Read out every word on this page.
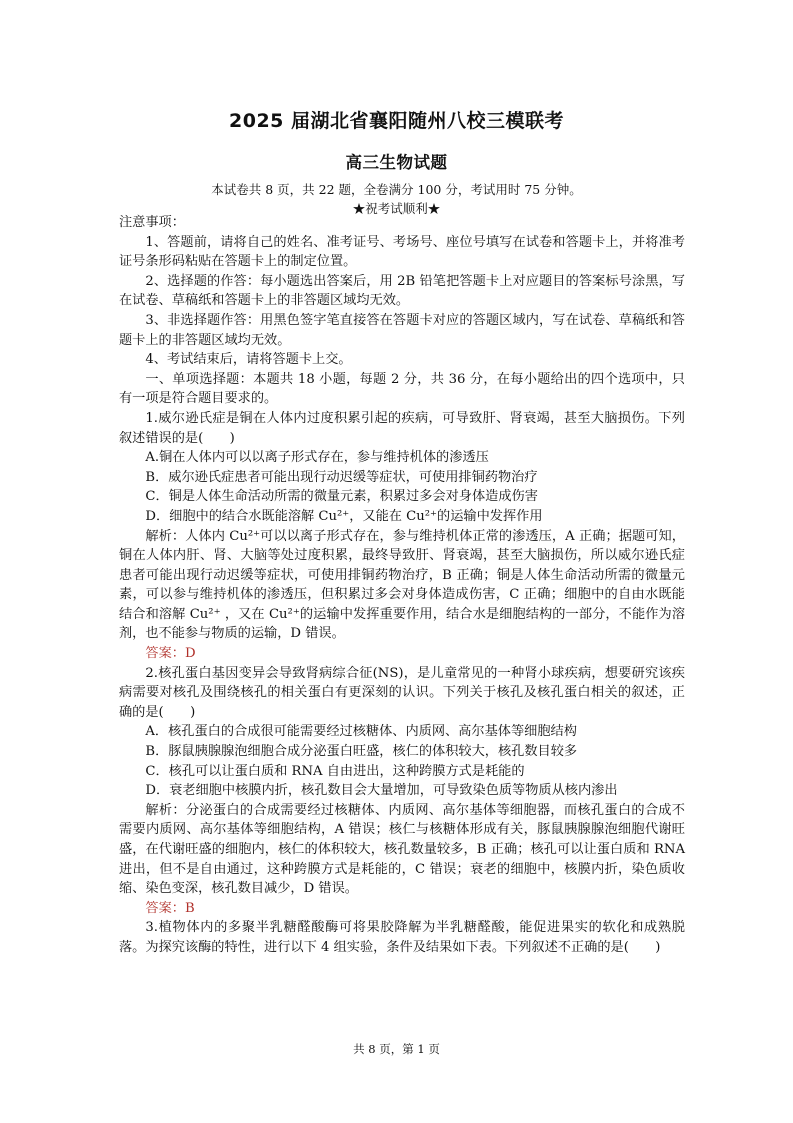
2025 届湖北省襄阳随州八校三模联考
高三生物试题
本试卷共 8 页，共 22 题，全卷满分 100 分，考试用时 75 分钟。
★祝考试顺利★

注意事项：

1、答题前，请将自己的姓名、准考证号、考场号、座位号填写在试卷和答题卡上，并将准考证号条形码粘贴在答题卡上的制定位置。

2、选择题的作答：每小题选出答案后，用 2B 铅笔把答题卡上对应题目的答案标号涂黑，写在试卷、草稿纸和答题卡上的非答题区域均无效。

3、非选择题作答：用黑色签字笔直接答在答题卡对应的答题区域内，写在试卷、草稿纸和答题卡上的非答题区域均无效。

4、考试结束后，请将答题卡上交。

一、单项选择题：本题共 18 小题，每题 2 分，共 36 分，在每小题给出的四个选项中，只有一项是符合题目要求的。

1.威尔逊氏症是铜在人体内过度积累引起的疾病，可导致肝、肾衰竭，甚至大脑损伤。下列叙述错误的是(　　)

A.铜在人体内可以以离子形式存在，参与维持机体的渗透压

B．威尔逊氏症患者可能出现行动迟缓等症状，可使用排铜药物治疗

C．铜是人体生命活动所需的微量元素，积累过多会对身体造成伤害

D．细胞中的结合水既能溶解 Cu²⁺，又能在 Cu²⁺的运输中发挥作用

解析：人体内 Cu²⁺可以以离子形式存在，参与维持机体正常的渗透压，A 正确；据题可知，铜在人体内肝、肾、大脑等处过度积累，最终导致肝、肾衰竭，甚至大脑损伤，所以威尔逊氏症患者可能出现行动迟缓等症状，可使用排铜药物治疗，B 正确；铜是人体生命活动所需的微量元素，可以参与维持机体的渗透压，但积累过多会对身体造成伤害，C 正确；细胞中的自由水既能结合和溶解 Cu²⁺ ，又在 Cu²⁺的运输中发挥重要作用，结合水是细胞结构的一部分，不能作为溶剂，也不能参与物质的运输，D 错误。

答案：D

2.核孔蛋白基因变异会导致肾病综合征(NS)，是儿童常见的一种肾小球疾病，想要研究该疾病需要对核孔及围绕核孔的相关蛋白有更深刻的认识。下列关于核孔及核孔蛋白相关的叙述，正确的是(　　)

A．核孔蛋白的合成很可能需要经过核糖体、内质网、高尔基体等细胞结构

B．豚鼠胰腺腺泡细胞合成分泌蛋白旺盛，核仁的体积较大，核孔数目较多

C．核孔可以让蛋白质和 RNA 自由进出，这种跨膜方式是耗能的

D．衰老细胞中核膜内折，核孔数目会大量增加，可导致染色质等物质从核内渗出

解析：分泌蛋白的合成需要经过核糖体、内质网、高尔基体等细胞器，而核孔蛋白的合成不需要内质网、高尔基体等细胞结构，A 错误；核仁与核糖体形成有关，豚鼠胰腺腺泡细胞代谢旺盛，在代谢旺盛的细胞内，核仁的体积较大，核孔数量较多，B 正确；核孔可以让蛋白质和 RNA 进出，但不是自由通过，这种跨膜方式是耗能的，C 错误；衰老的细胞中，核膜内折，染色质收缩、染色变深，核孔数目减少，D 错误。

答案：B

3.植物体内的多聚半乳糖醛酸酶可将果胶降解为半乳糖醛酸，能促进果实的软化和成熟脱落。为探究该酶的特性，进行以下 4 组实验，条件及结果如下表。下列叙述不正确的是(　　)

共 8 页，第 1 页
